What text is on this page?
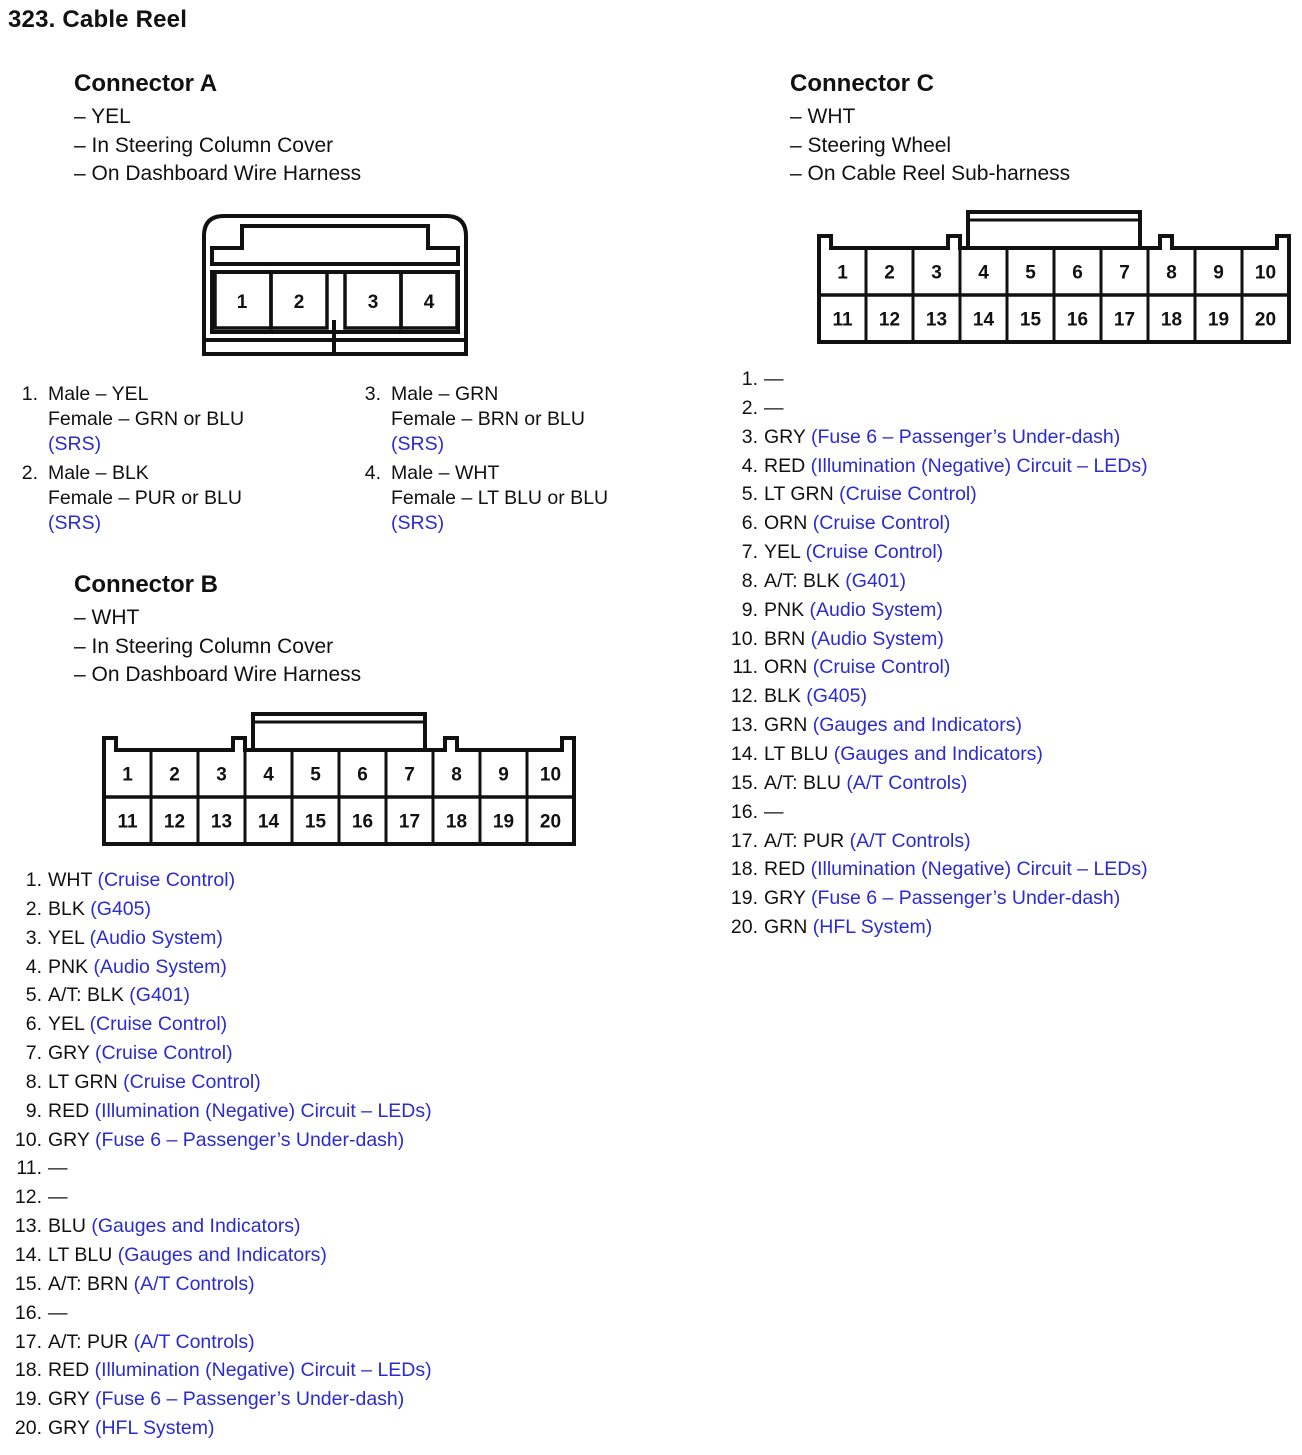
323. Cable Reel
Connector A
– YEL
– In Steering Column Cover
– On Dashboard Wire Harness
1 2	3 4
1. Male – YEL
Female – GRN or BLU
(SRS)
2. Male – BLK
Female – PUR or BLU
(SRS)
3. Male – GRN
Female – BRN or BLU
(SRS)
4. Male – WHT
Female – LT BLU or BLU
(SRS)
Connector B
– WHT
– In Steering Column Cover
– On Dashboard Wire Harness
1 2 3 4 5 6 7 8 9 10
11 12 13 14 15 16 17 18 19 20
1. WHT (Cruise Control)
2. BLK (G405)
3. YEL (Audio System)
4. PNK (Audio System)
5. A/T: BLK (G401)
6. YEL (Cruise Control)
7. GRY (Cruise Control)
8. LT GRN (Cruise Control)
9. RED (Illumination (Negative) Circuit – LEDs)
10. GRY (Fuse 6 – Passenger’s Under-dash)
11. —
12. —
13. BLU (Gauges and Indicators)
14. LT BLU (Gauges and Indicators)
15. A/T: BRN (A/T Controls)
16. —
17. A/T: PUR (A/T Controls)
18. RED (Illumination (Negative) Circuit – LEDs)
19. GRY (Fuse 6 – Passenger’s Under-dash)
20. GRY (HFL System)
Connector C
– WHT
– Steering Wheel
– On Cable Reel Sub-harness
1 2 3 4 5 6 7 8 9 10
11 12 13 14 15 16 17 18 19 20
1. —
2. —
3. GRY (Fuse 6 – Passenger’s Under-dash)
4. RED (Illumination (Negative) Circuit – LEDs)
5. LT GRN (Cruise Control)
6. ORN (Cruise Control)
7. YEL (Cruise Control)
8. A/T: BLK (G401)
9. PNK (Audio System)
10. BRN (Audio System)
11. ORN (Cruise Control)
12. BLK (G405)
13. GRN (Gauges and Indicators)
14. LT BLU (Gauges and Indicators)
15. A/T: BLU (A/T Controls)
16. —
17. A/T: PUR (A/T Controls)
18. RED (Illumination (Negative) Circuit – LEDs)
19. GRY (Fuse 6 – Passenger’s Under-dash)
20. GRN (HFL System)
